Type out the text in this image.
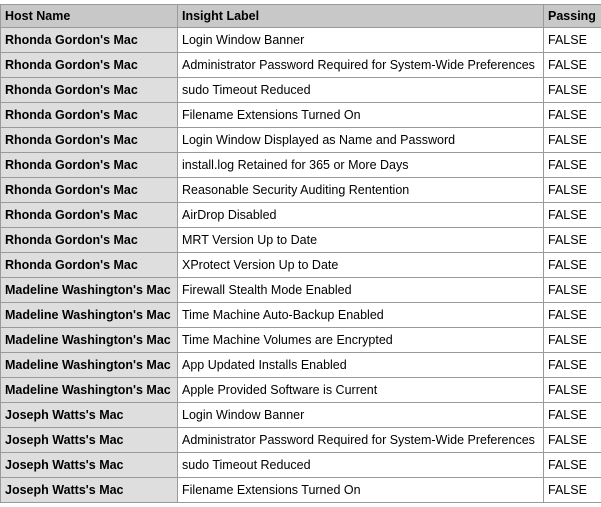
Host Name	Insight Label	Passing
Rhonda Gordon's Mac	Login Window Banner	FALSE
Rhonda Gordon's Mac	Administrator Password Required for System-Wide Preferences	FALSE
Rhonda Gordon's Mac	sudo Timeout Reduced	FALSE
Rhonda Gordon's Mac	Filename Extensions Turned On	FALSE
Rhonda Gordon's Mac	Login Window Displayed as Name and Password	FALSE
Rhonda Gordon's Mac	install.log Retained for 365 or More Days	FALSE
Rhonda Gordon's Mac	Reasonable Security Auditing Rentention	FALSE
Rhonda Gordon's Mac	AirDrop Disabled	FALSE
Rhonda Gordon's Mac	MRT Version Up to Date	FALSE
Rhonda Gordon's Mac	XProtect Version Up to Date	FALSE
Madeline Washington's Mac	Firewall Stealth Mode Enabled	FALSE
Madeline Washington's Mac	Time Machine Auto-Backup Enabled	FALSE
Madeline Washington's Mac	Time Machine Volumes are Encrypted	FALSE
Madeline Washington's Mac	App Updated Installs Enabled	FALSE
Madeline Washington's Mac	Apple Provided Software is Current	FALSE
Joseph Watts's Mac	Login Window Banner	FALSE
Joseph Watts's Mac	Administrator Password Required for System-Wide Preferences	FALSE
Joseph Watts's Mac	sudo Timeout Reduced	FALSE
Joseph Watts's Mac	Filename Extensions Turned On	FALSE
